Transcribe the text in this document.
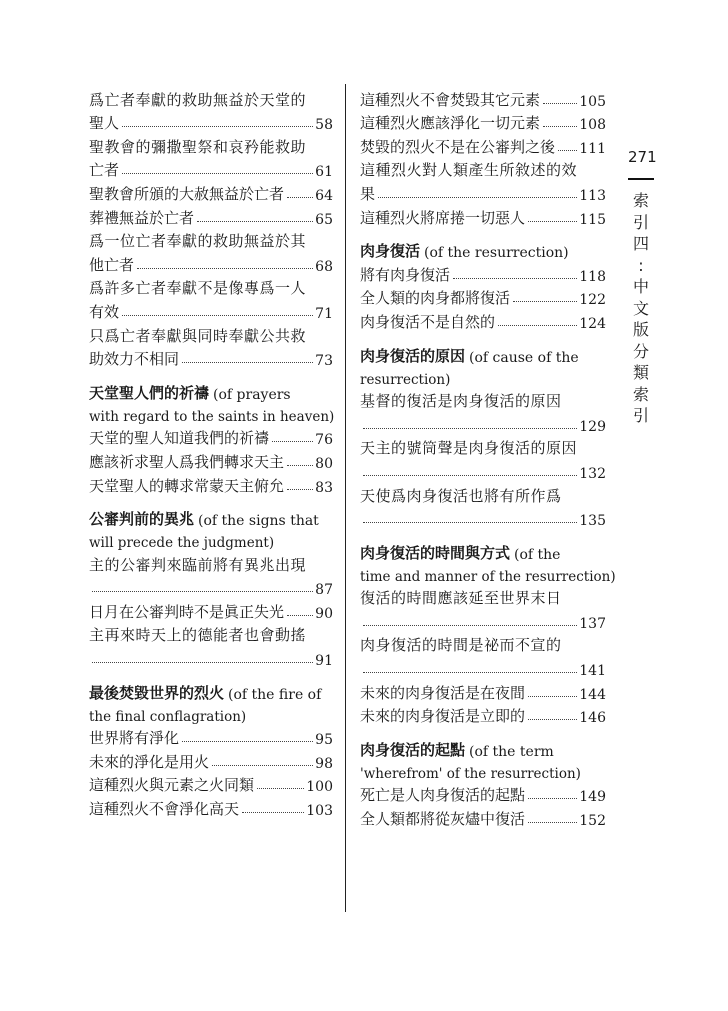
爲亡者奉獻的救助無益於天堂的
聖人	58
聖教會的彌撒聖祭和哀矜能救助
亡者	61
聖教會所頒的大赦無益於亡者 64
葬禮無益於亡者	65
爲一位亡者奉獻的救助無益於其
他亡者	68
爲許多亡者奉獻不是像專爲一人
有效	71
只爲亡者奉獻與同時奉獻公共救
助效力不相同	73
天堂聖人們的祈禱 (of prayers
with regard to the saints in heaven)
天堂的聖人知道我們的祈禱	76
應該祈求聖人爲我們轉求天主 80
天堂聖人的轉求常蒙天主俯允 83
公審判前的異兆 (of the signs that
will precede the judgment)
主的公審判來臨前將有異兆出現
87
日月在公審判時不是眞正失光 90
主再來時天上的德能者也會動搖
91
最後焚毀世界的烈火 (of the fire of
the final conflagration)
世界將有淨化	95
未來的淨化是用火	98
這種烈火與元素之火同類	100
這種烈火不會淨化高天	103
這種烈火不會焚毀其它元素	105
這種烈火應該淨化一切元素	108
焚毀的烈火不是在公審判之後 111
這種烈火對人類產生所敘述的效
果	113
這種烈火將席捲一切惡人	115
肉身復活 (of the resurrection)
將有肉身復活	118
全人類的肉身都將復活	122
肉身復活不是自然的	124
肉身復活的原因 (of cause of the
resurrection)
基督的復活是肉身復活的原因
129
天主的號筒聲是肉身復活的原因
132
天使爲肉身復活也將有所作爲
135
肉身復活的時間與方式 (of the
time and manner of the resurrection)
復活的時間應該延至世界末日
137
肉身復活的時間是祕而不宣的
141
未來的肉身復活是在夜間	144
未來的肉身復活是立即的	146
肉身復活的起點 (of the term
'wherefrom' of the resurrection)
死亡是人肉身復活的起點	149
全人類都將從灰燼中復活	152
271
索
引
四
:
中
文
版
分
類
索
引
